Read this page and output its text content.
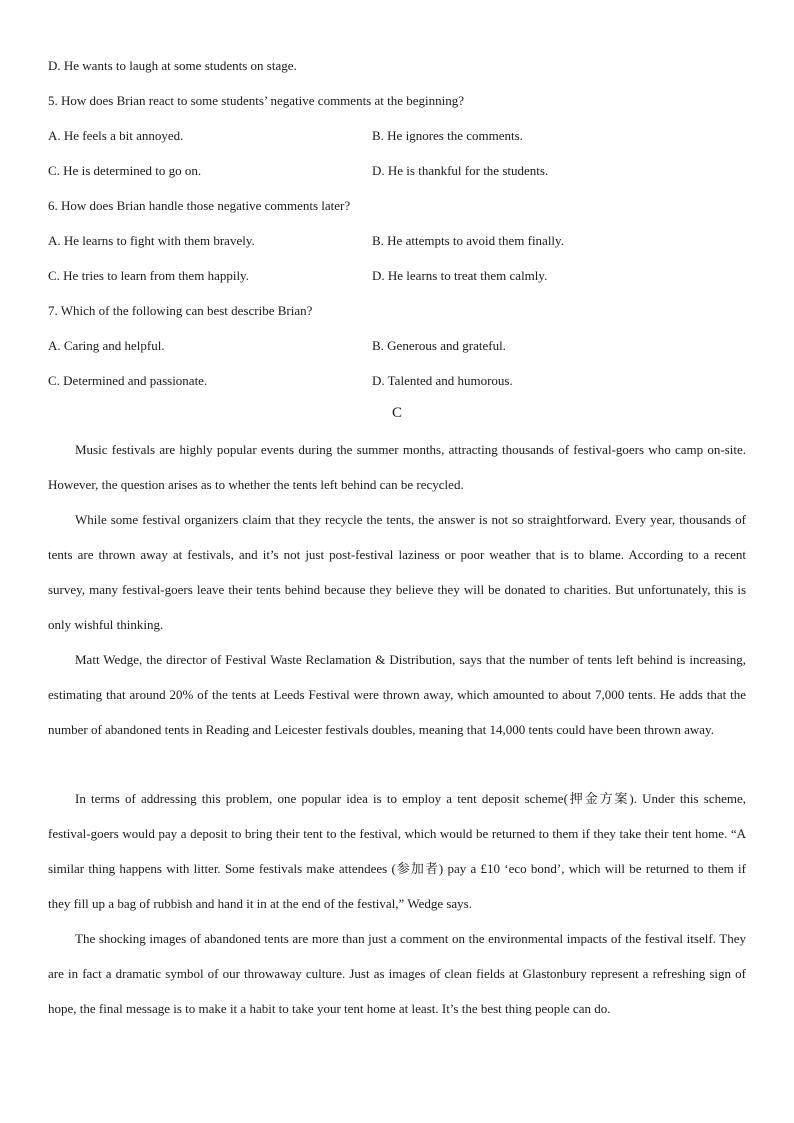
D. He wants to laugh at some students on stage.
5. How does Brian react to some students’ negative comments at the beginning?
A. He feels a bit annoyed.	B. He ignores the comments.
C. He is determined to go on.	D. He is thankful for the students.
6. How does Brian handle those negative comments later?
A. He learns to fight with them bravely.	B. He attempts to avoid them finally.
C. He tries to learn from them happily.	D. He learns to treat them calmly.
7. Which of the following can best describe Brian?
A. Caring and helpful.	B. Generous and grateful.
C. Determined and passionate.	D. Talented and humorous.
C

Music festivals are highly popular events during the summer months, attracting thousands of festival-goers who camp on-site. However, the question arises as to whether the tents left behind can be recycled.

While some festival organizers claim that they recycle the tents, the answer is not so straightforward. Every year, thousands of tents are thrown away at festivals, and it’s not just post-festival laziness or poor weather that is to blame. According to a recent survey, many festival-goers leave their tents behind because they believe they will be donated to charities. But unfortunately, this is only wishful thinking.

Matt Wedge, the director of Festival Waste Reclamation & Distribution, says that the number of tents left behind is increasing, estimating that around 20% of the tents at Leeds Festival were thrown away, which amounted to about 7,000 tents. He adds that the number of abandoned tents in Reading and Leicester festivals doubles, meaning that 14,000 tents could have been thrown away.

In terms of addressing this problem, one popular idea is to employ a tent deposit scheme(押金方案). Under this scheme, festival-goers would pay a deposit to bring their tent to the festival, which would be returned to them if they take their tent home. “A similar thing happens with litter. Some festivals make attendees (参加者) pay a £10 ‘eco bond’, which will be returned to them if they fill up a bag of rubbish and hand it in at the end of the festival,” Wedge says.

The shocking images of abandoned tents are more than just a comment on the environmental impacts of the festival itself. They are in fact a dramatic symbol of our throwaway culture. Just as images of clean fields at Glastonbury represent a refreshing sign of hope, the final message is to make it a habit to take your tent home at least. It’s the best thing people can do.
